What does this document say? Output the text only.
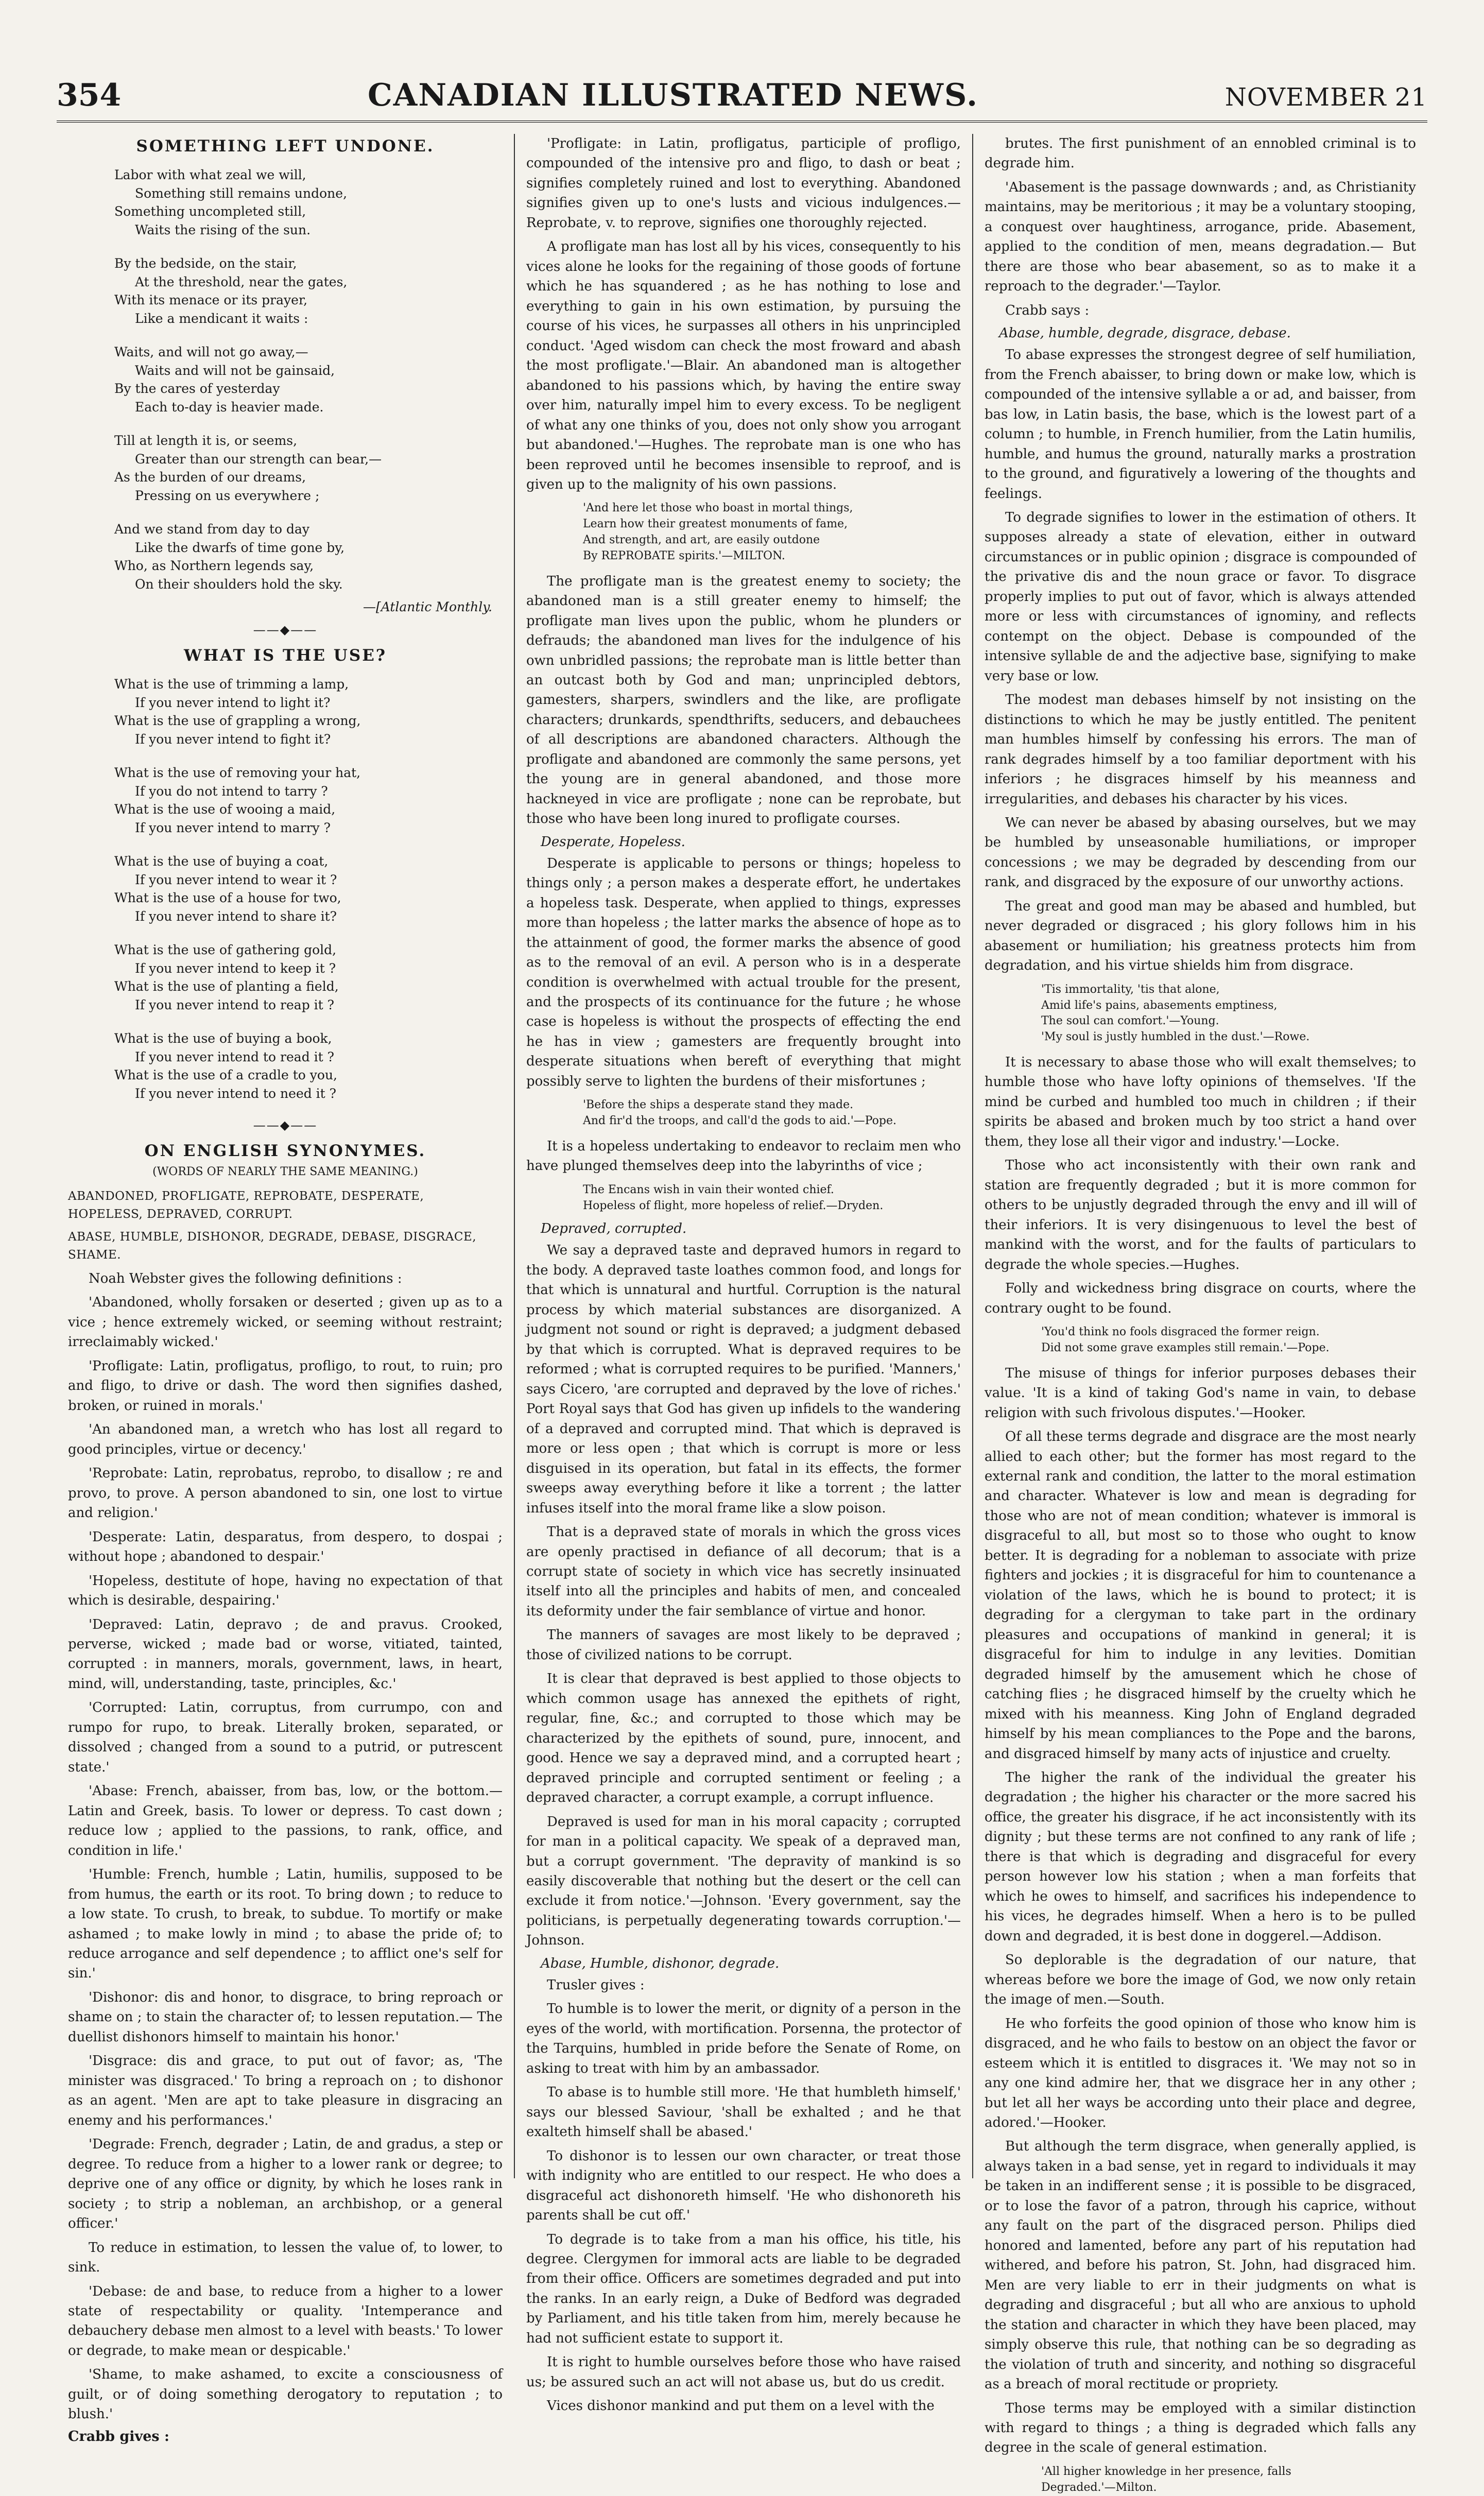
354	CANADIAN ILLUSTRATED NEWS.	NOVEMBER 21
SOMETHING LEFT UNDONE.
Labor with what zeal we will,
Something still remains undone,
Something uncompleted still,
Waits the rising of the sun.
By the bedside, on the stair,
At the threshold, near the gates,
With its menace or its prayer,
Like a mendicant it waits :
Waits, and will not go away,—
Waits and will not be gainsaid,
By the cares of yesterday
Each to-day is heavier made.
Till at length it is, or seems,
Greater than our strength can bear,—
As the burden of our dreams,
Pressing on us everywhere ;
And we stand from day to day
Like the dwarfs of time gone by,
Who, as Northern legends say,
On their shoulders hold the sky.
—[Atlantic Monthly.
——◆——
WHAT IS THE USE?
What is the use of trimming a lamp,
If you never intend to light it?
What is the use of grappling a wrong,
If you never intend to fight it?
What is the use of removing your hat,
If you do not intend to tarry ?
What is the use of wooing a maid,
If you never intend to marry ?
What is the use of buying a coat,
If you never intend to wear it ?
What is the use of a house for two,
If you never intend to share it?
What is the use of gathering gold,
If you never intend to keep it ?
What is the use of planting a field,
If you never intend to reap it ?
What is the use of buying a book,
If you never intend to read it ?
What is the use of a cradle to you,
If you never intend to need it ?
——◆——
ON ENGLISH SYNONYMES.
(WORDS OF NEARLY THE SAME MEANING.)
ABANDONED, PROFLIGATE, REPROBATE, DESPERATE, HOPELESS, DEPRAVED, CORRUPT.
ABASE, HUMBLE, DISHONOR, DEGRADE, DEBASE, DISGRACE, SHAME.

Noah Webster gives the following definitions :

'Abandoned, wholly forsaken or deserted ; given up as to a vice ; hence extremely wicked, or seeming without restraint; irreclaimably wicked.'

'Profligate: Latin, profligatus, profligo, to rout, to ruin; pro and fligo, to drive or dash. The word then signifies dashed, broken, or ruined in morals.'

'An abandoned man, a wretch who has lost all regard to good principles, virtue or decency.'

'Reprobate: Latin, reprobatus, reprobo, to disallow ; re and provo, to prove. A person abandoned to sin, one lost to virtue and religion.'

'Desperate: Latin, desparatus, from despero, to dospai ; without hope ; abandoned to despair.'

'Hopeless, destitute of hope, having no expectation of that which is desirable, despairing.'

'Depraved: Latin, depravo ; de and pravus. Crooked, perverse, wicked ; made bad or worse, vitiated, tainted, corrupted : in manners, morals, government, laws, in heart, mind, will, understanding, taste, principles, &c.'

'Corrupted: Latin, corruptus, from currumpo, con and rumpo for rupo, to break. Literally broken, separated, or dissolved ; changed from a sound to a putrid, or putrescent state.'

'Abase: French, abaisser, from bas, low, or the bottom.— Latin and Greek, basis. To lower or depress. To cast down ; reduce low ; applied to the passions, to rank, office, and condition in life.'

'Humble: French, humble ; Latin, humilis, supposed to be from humus, the earth or its root. To bring down ; to reduce to a low state. To crush, to break, to subdue. To mortify or make ashamed ; to make lowly in mind ; to abase the pride of; to reduce arrogance and self dependence ; to afflict one's self for sin.'

'Dishonor: dis and honor, to disgrace, to bring reproach or shame on ; to stain the character of; to lessen reputation.— The duellist dishonors himself to maintain his honor.'

'Disgrace: dis and grace, to put out of favor; as, 'The minister was disgraced.' To bring a reproach on ; to dishonor as an agent. 'Men are apt to take pleasure in disgracing an enemy and his performances.'

'Degrade: French, degrader ; Latin, de and gradus, a step or degree. To reduce from a higher to a lower rank or degree; to deprive one of any office or dignity, by which he loses rank in society ; to strip a nobleman, an archbishop, or a general officer.'

To reduce in estimation, to lessen the value of, to lower, to sink.

'Debase: de and base, to reduce from a higher to a lower state of respectability or quality. 'Intemperance and debauchery debase men almost to a level with beasts.' To lower or degrade, to make mean or despicable.'

'Shame, to make ashamed, to excite a consciousness of guilt, or of doing something derogatory to reputation ; to blush.'

Crabb gives :

'Profligate: in Latin, profligatus, participle of profligo, compounded of the intensive pro and fligo, to dash or beat ; signifies completely ruined and lost to everything. Abandoned signifies given up to one's lusts and vicious indulgences.— Reprobate, v. to reprove, signifies one thoroughly rejected.

A profligate man has lost all by his vices, consequently to his vices alone he looks for the regaining of those goods of fortune which he has squandered ; as he has nothing to lose and everything to gain in his own estimation, by pursuing the course of his vices, he surpasses all others in his unprincipled conduct. 'Aged wisdom can check the most froward and abash the most profligate.'—Blair. An abandoned man is altogether abandoned to his passions which, by having the entire sway over him, naturally impel him to every excess. To be negligent of what any one thinks of you, does not only show you arrogant but abandoned.'—Hughes. The reprobate man is one who has been reproved until he becomes insensible to reproof, and is given up to the malignity of his own passions.

'And here let those who boast in mortal things,
Learn how their greatest monuments of fame,
And strength, and art, are easily outdone
By REPROBATE spirits.'—MILTON.

The profligate man is the greatest enemy to society; the abandoned man is a still greater enemy to himself; the profligate man lives upon the public, whom he plunders or defrauds; the abandoned man lives for the indulgence of his own unbridled passions; the reprobate man is little better than an outcast both by God and man; unprincipled debtors, gamesters, sharpers, swindlers and the like, are profligate characters; drunkards, spendthrifts, seducers, and debauchees of all descriptions are abandoned characters. Although the profligate and abandoned are commonly the same persons, yet the young are in general abandoned, and those more hackneyed in vice are profligate ; none can be reprobate, but those who have been long inured to profligate courses.

Desperate, Hopeless.

Desperate is applicable to persons or things; hopeless to things only ; a person makes a desperate effort, he undertakes a hopeless task. Desperate, when applied to things, expresses more than hopeless ; the latter marks the absence of hope as to the attainment of good, the former marks the absence of good as to the removal of an evil. A person who is in a desperate condition is overwhelmed with actual trouble for the present, and the prospects of its continuance for the future ; he whose case is hopeless is without the prospects of effecting the end he has in view ; gamesters are frequently brought into desperate situations when bereft of everything that might possibly serve to lighten the burdens of their misfortunes ;

'Before the ships a desperate stand they made.
And fir'd the troops, and call'd the gods to aid.'—Pope.

It is a hopeless undertaking to endeavor to reclaim men who have plunged themselves deep into the labyrinths of vice ;

The Encans wish in vain their wonted chief.
Hopeless of flight, more hopeless of relief.—Dryden.
Depraved, corrupted.

We say a depraved taste and depraved humors in regard to the body. A depraved taste loathes common food, and longs for that which is unnatural and hurtful. Corruption is the natural process by which material substances are disorganized. A judgment not sound or right is depraved; a judgment debased by that which is corrupted. What is depraved requires to be reformed ; what is corrupted requires to be purified. 'Manners,' says Cicero, 'are corrupted and depraved by the love of riches.' Port Royal says that God has given up infidels to the wandering of a depraved and corrupted mind. That which is depraved is more or less open ; that which is corrupt is more or less disguised in its operation, but fatal in its effects, the former sweeps away everything before it like a torrent ; the latter infuses itself into the moral frame like a slow poison.

That is a depraved state of morals in which the gross vices are openly practised in defiance of all decorum; that is a corrupt state of society in which vice has secretly insinuated itself into all the principles and habits of men, and concealed its deformity under the fair semblance of virtue and honor.

The manners of savages are most likely to be depraved ; those of civilized nations to be corrupt.

It is clear that depraved is best applied to those objects to which common usage has annexed the epithets of right, regular, fine, &c.; and corrupted to those which may be characterized by the epithets of sound, pure, innocent, and good. Hence we say a depraved mind, and a corrupted heart ; depraved principle and corrupted sentiment or feeling ; a depraved character, a corrupt example, a corrupt influence.

Depraved is used for man in his moral capacity ; corrupted for man in a political capacity. We speak of a depraved man, but a corrupt government. 'The depravity of mankind is so easily discoverable that nothing but the desert or the cell can exclude it from notice.'—Johnson. 'Every government, say the politicians, is perpetually degenerating towards corruption.'—Johnson.

Abase, Humble, dishonor, degrade.

Trusler gives :

To humble is to lower the merit, or dignity of a person in the eyes of the world, with mortification. Porsenna, the protector of the Tarquins, humbled in pride before the Senate of Rome, on asking to treat with him by an ambassador.

To abase is to humble still more. 'He that humbleth himself,' says our blessed Saviour, 'shall be exhalted ; and he that exalteth himself shall be abased.'

To dishonor is to lessen our own character, or treat those with indignity who are entitled to our respect. He who does a disgraceful act dishonoreth himself. 'He who dishonoreth his parents shall be cut off.'

To degrade is to take from a man his office, his title, his degree. Clergymen for immoral acts are liable to be degraded from their office. Officers are sometimes degraded and put into the ranks. In an early reign, a Duke of Bedford was degraded by Parliament, and his title taken from him, merely because he had not sufficient estate to support it.

It is right to humble ourselves before those who have raised us; be assured such an act will not abase us, but do us credit.

Vices dishonor mankind and put them on a level with the

brutes. The first punishment of an ennobled criminal is to degrade him.

'Abasement is the passage downwards ; and, as Christianity maintains, may be meritorious ; it may be a voluntary stooping, a conquest over haughtiness, arrogance, pride. Abasement, applied to the condition of men, means degradation.— But there are those who bear abasement, so as to make it a reproach to the degrader.'—Taylor.

Crabb says :

Abase, humble, degrade, disgrace, debase.

To abase expresses the strongest degree of self humiliation, from the French abaisser, to bring down or make low, which is compounded of the intensive syllable a or ad, and baisser, from bas low, in Latin basis, the base, which is the lowest part of a column ; to humble, in French humilier, from the Latin humilis, humble, and humus the ground, naturally marks a prostration to the ground, and figuratively a lowering of the thoughts and feelings.

To degrade signifies to lower in the estimation of others. It supposes already a state of elevation, either in outward circumstances or in public opinion ; disgrace is compounded of the privative dis and the noun grace or favor. To disgrace properly implies to put out of favor, which is always attended more or less with circumstances of ignominy, and reflects contempt on the object. Debase is compounded of the intensive syllable de and the adjective base, signifying to make very base or low.

The modest man debases himself by not insisting on the distinctions to which he may be justly entitled. The penitent man humbles himself by confessing his errors. The man of rank degrades himself by a too familiar deportment with his inferiors ; he disgraces himself by his meanness and irregularities, and debases his character by his vices.

We can never be abased by abasing ourselves, but we may be humbled by unseasonable humiliations, or improper concessions ; we may be degraded by descending from our rank, and disgraced by the exposure of our unworthy actions.

The great and good man may be abased and humbled, but never degraded or disgraced ; his glory follows him in his abasement or humiliation; his greatness protects him from degradation, and his virtue shields him from disgrace.

'Tis immortality, 'tis that alone,
Amid life's pains, abasements emptiness,
The soul can comfort.'—Young.
'My soul is justly humbled in the dust.'—Rowe.

It is necessary to abase those who will exalt themselves; to humble those who have lofty opinions of themselves. 'If the mind be curbed and humbled too much in children ; if their spirits be abased and broken much by too strict a hand over them, they lose all their vigor and industry.'—Locke.

Those who act inconsistently with their own rank and station are frequently degraded ; but it is more common for others to be unjustly degraded through the envy and ill will of their inferiors. It is very disingenuous to level the best of mankind with the worst, and for the faults of particulars to degrade the whole species.—Hughes.

Folly and wickedness bring disgrace on courts, where the contrary ought to be found.

'You'd think no fools disgraced the former reign.
Did not some grave examples still remain.'—Pope.

The misuse of things for inferior purposes debases their value. 'It is a kind of taking God's name in vain, to debase religion with such frivolous disputes.'—Hooker.

Of all these terms degrade and disgrace are the most nearly allied to each other; but the former has most regard to the external rank and condition, the latter to the moral estimation and character. Whatever is low and mean is degrading for those who are not of mean condition; whatever is immoral is disgraceful to all, but most so to those who ought to know better. It is degrading for a nobleman to associate with prize fighters and jockies ; it is disgraceful for him to countenance a violation of the laws, which he is bound to protect; it is degrading for a clergyman to take part in the ordinary pleasures and occupations of mankind in general; it is disgraceful for him to indulge in any levities. Domitian degraded himself by the amusement which he chose of catching flies ; he disgraced himself by the cruelty which he mixed with his meanness. King John of England degraded himself by his mean compliances to the Pope and the barons, and disgraced himself by many acts of injustice and cruelty.

The higher the rank of the individual the greater his degradation ; the higher his character or the more sacred his office, the greater his disgrace, if he act inconsistently with its dignity ; but these terms are not confined to any rank of life ; there is that which is degrading and disgraceful for every person however low his station ; when a man forfeits that which he owes to himself, and sacrifices his independence to his vices, he degrades himself. When a hero is to be pulled down and degraded, it is best done in doggerel.—Addison.

So deplorable is the degradation of our nature, that whereas before we bore the image of God, we now only retain the image of men.—South.

He who forfeits the good opinion of those who know him is disgraced, and he who fails to bestow on an object the favor or esteem which it is entitled to disgraces it. 'We may not so in any one kind admire her, that we disgrace her in any other ; but let all her ways be according unto their place and degree, adored.'—Hooker.

But although the term disgrace, when generally applied, is always taken in a bad sense, yet in regard to individuals it may be taken in an indifferent sense ; it is possible to be disgraced, or to lose the favor of a patron, through his caprice, without any fault on the part of the disgraced person. Philips died honored and lamented, before any part of his reputation had withered, and before his patron, St. John, had disgraced him. Men are very liable to err in their judgments on what is degrading and disgraceful ; but all who are anxious to uphold the station and character in which they have been placed, may simply observe this rule, that nothing can be so degrading as the violation of truth and sincerity, and nothing so disgraceful as a breach of moral rectitude or propriety.

Those terms may be employed with a similar distinction with regard to things ; a thing is degraded which falls any degree in the scale of general estimation.

'All higher knowledge in her presence, falls
Degraded.'—Milton.
